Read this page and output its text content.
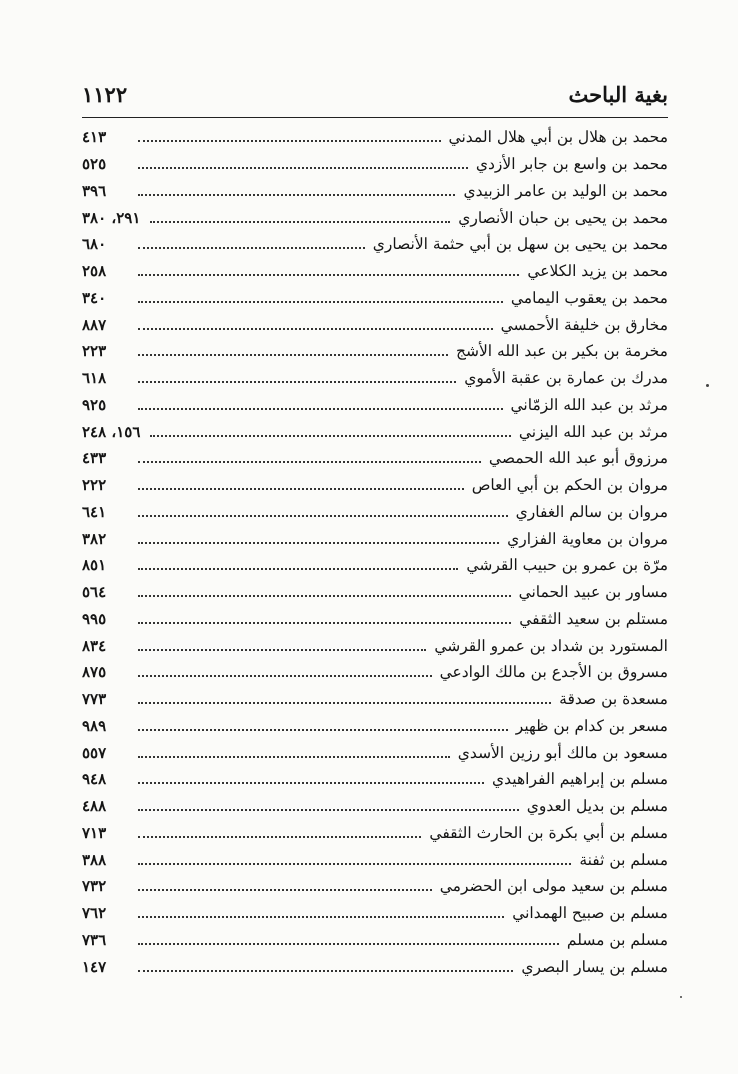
بغية الباحث
١١٢٢
محمد بن هلال بن أبي هلال المدني
٤١٣
محمد بن واسع بن جابر الأزدي
٥٢٥
محمد بن الوليد بن عامر الزبيدي
٣٩٦
محمد بن يحيى بن حبان الأنصاري
٢٩١، ٣٨٠
محمد بن يحيى بن سهل بن أبي حثمة الأنصاري
٦٨٠
محمد بن يزيد الكلاعي
٢٥٨
محمد بن يعقوب اليمامي
٣٤٠
مخارق بن خليفة الأحمسي
٨٨٧
مخرمة بن بكير بن عبد الله الأشج
٢٢٣
مدرك بن عمارة بن عقبة الأموي
٦١٨
مرثد بن عبد الله الزمّاني
٩٢٥
مرثد بن عبد الله اليزني
١٥٦، ٢٤٨
مرزوق أبو عبد الله الحمصي
٤٣٣
مروان بن الحكم بن أبي العاص
٢٢٢
مروان بن سالم الغفاري
٦٤١
مروان بن معاوية الفزاري
٣٨٢
مرّة بن عمرو بن حبيب القرشي
٨٥١
مساور بن عبيد الحماني
٥٦٤
مستلم بن سعيد الثقفي
٩٩٥
المستورد بن شداد بن عمرو القرشي
٨٣٤
مسروق بن الأجدع بن مالك الوادعي
٨٧٥
مسعدة بن صدقة
٧٧٣
مسعر بن كدام بن ظهير
٩٨٩
مسعود بن مالك أبو رزين الأسدي
٥٥٧
مسلم بن إبراهيم الفراهيدي
٩٤٨
مسلم بن بديل العدوي
٤٨٨
مسلم بن أبي بكرة بن الحارث الثقفي
٧١٣
مسلم بن ثفنة
٣٨٨
مسلم بن سعيد مولى ابن الحضرمي
٧٣٢
مسلم بن صبيح الهمداني
٧٦٢
مسلم بن مسلم
٧٣٦
مسلم بن يسار البصري
١٤٧
